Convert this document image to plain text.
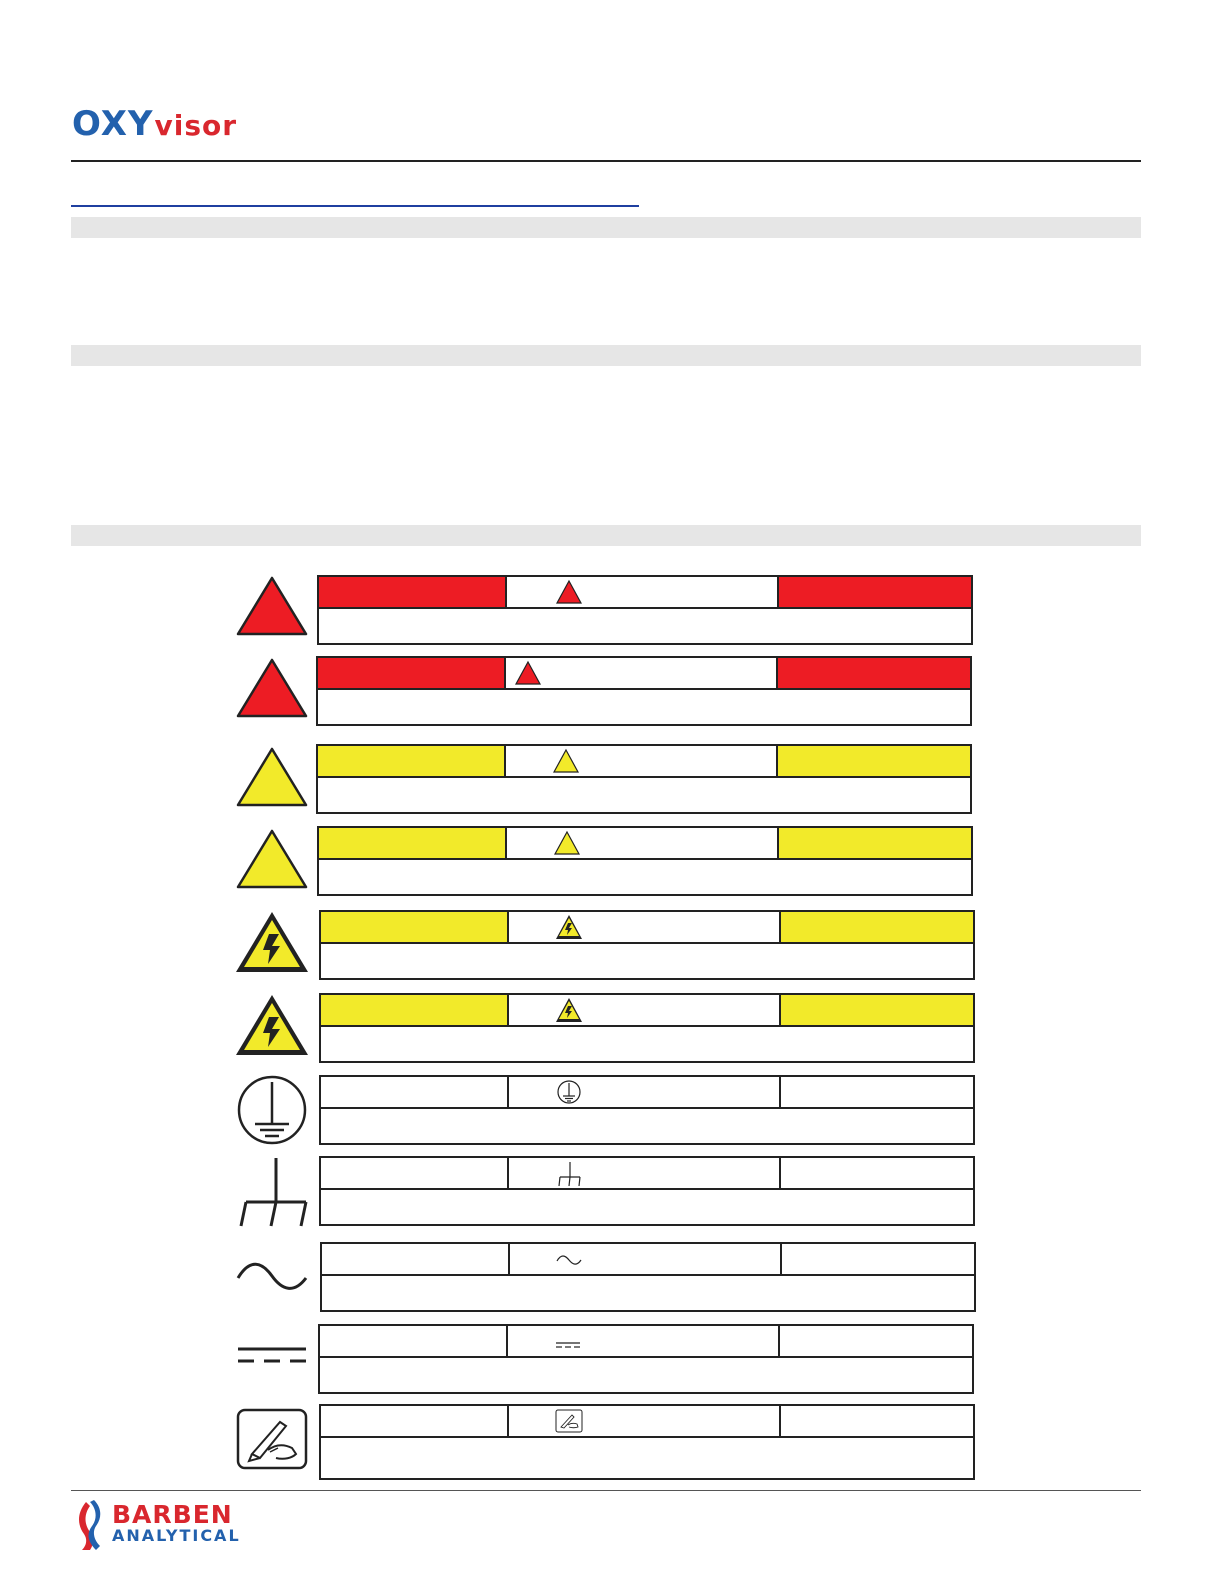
OXYvisor
BARBEN
ANALYTICAL
